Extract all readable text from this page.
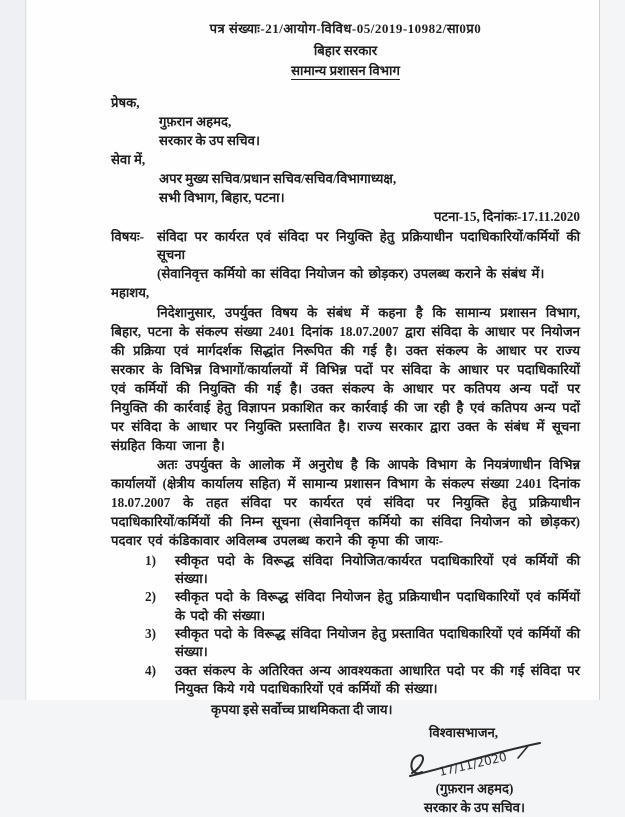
पत्र संख्याः-21/आयोग-विविध-05/2019-10982/सा0प्र0
बिहार सरकार
सामान्य प्रशासन विभाग
प्रेषक,
गुफ़रान अहमद,
सरकार के उप सचिव।
सेवा में,
अपर मुख्य सचिव/प्रधान सचिव/सचिव/विभागाध्यक्ष,
सभी विभाग, बिहार, पटना।
पटना-15, दिनांकः-17.11.2020
विषयः- संविदा पर कार्यरत एवं संविदा पर नियुक्ति हेतु प्रक्रियाधीन पदाधिकारियों/कर्मियों की सूचना
(सेवानिवृत्त कर्मियो का संविदा नियोजन को छोड़कर) उपलब्ध कराने के संबंध में।
महाशय,

निदेशानुसार, उपर्युक्त विषय के संबंध में कहना है कि सामान्य प्रशासन विभाग, बिहार, पटना के संकल्प संख्या 2401 दिनांक 18.07.2007 द्वारा संविदा के आधार पर नियोजन की प्रक्रिया एवं मार्गदर्शक सिद्धांत निरूपित की गई है। उक्त संकल्प के आधार पर राज्य सरकार के विभिन्न विभागों/कार्यालयों में विभिन्न पदों पर संविदा के आधार पर पदाधिकारियों एवं कर्मियों की नियुक्ति की गई है। उक्त संकल्प के आधार पर कतिपय अन्य पदों पर नियुक्ति की कार्रवाई हेतु विज्ञापन प्रकाशित कर कार्रवाई की जा रही है एवं कतिपय अन्य पदों पर संविदा के आधार पर नियुक्ति प्रस्तावित है। राज्य सरकार द्वारा उक्त के संबंध में सूचना संग्रहित किया जाना है।

अतः उपर्युक्त के आलोक में अनुरोध है कि आपके विभाग के नियत्रंणाधीन विभिन्न कार्यालयों (क्षेत्रीय कार्यालय सहित) में सामान्य प्रशासन विभाग के संकल्प संख्या 2401 दिनांक 18.07.2007 के तहत संविदा पर कार्यरत एवं संविदा पर नियुक्ति हेतु प्रक्रियाधीन पदाधिकारियों/कर्मियों की निम्न सूचना (सेवानिवृत्त कर्मियो का संविदा नियोजन को छोड़कर) पदवार एवं कंडिकावार अविलम्ब उपलब्ध कराने की कृपा की जायः-

1)	स्वीकृत पदो के विरूद्ध संविदा नियोजित/कार्यरत पदाधिकारियों एवं कर्मियों की संख्या।
2)	स्वीकृत पदो के विरूद्ध संविदा नियोजन हेतु प्रक्रियाधीन पदाधिकारियों एवं कर्मियों के पदो की संख्या।
3)	स्वीकृत पदो के विरूद्ध संविदा नियोजन हेतु प्रस्तावित पदाधिकारियों एवं कर्मियों की संख्या।
4)	उक्त संकल्प के अतिरिक्त अन्य आवश्यकता आधारित पदो पर की गई संविदा पर नियुक्त किये गये पदाधिकारियों एवं कर्मियों की संख्या।
कृपया इसे सर्वोच्च प्राथमिकता दी जाय।
विश्वासभाजन,
17/11/2020
(गुफ़रान अहमद)
सरकार के उप सचिव।
